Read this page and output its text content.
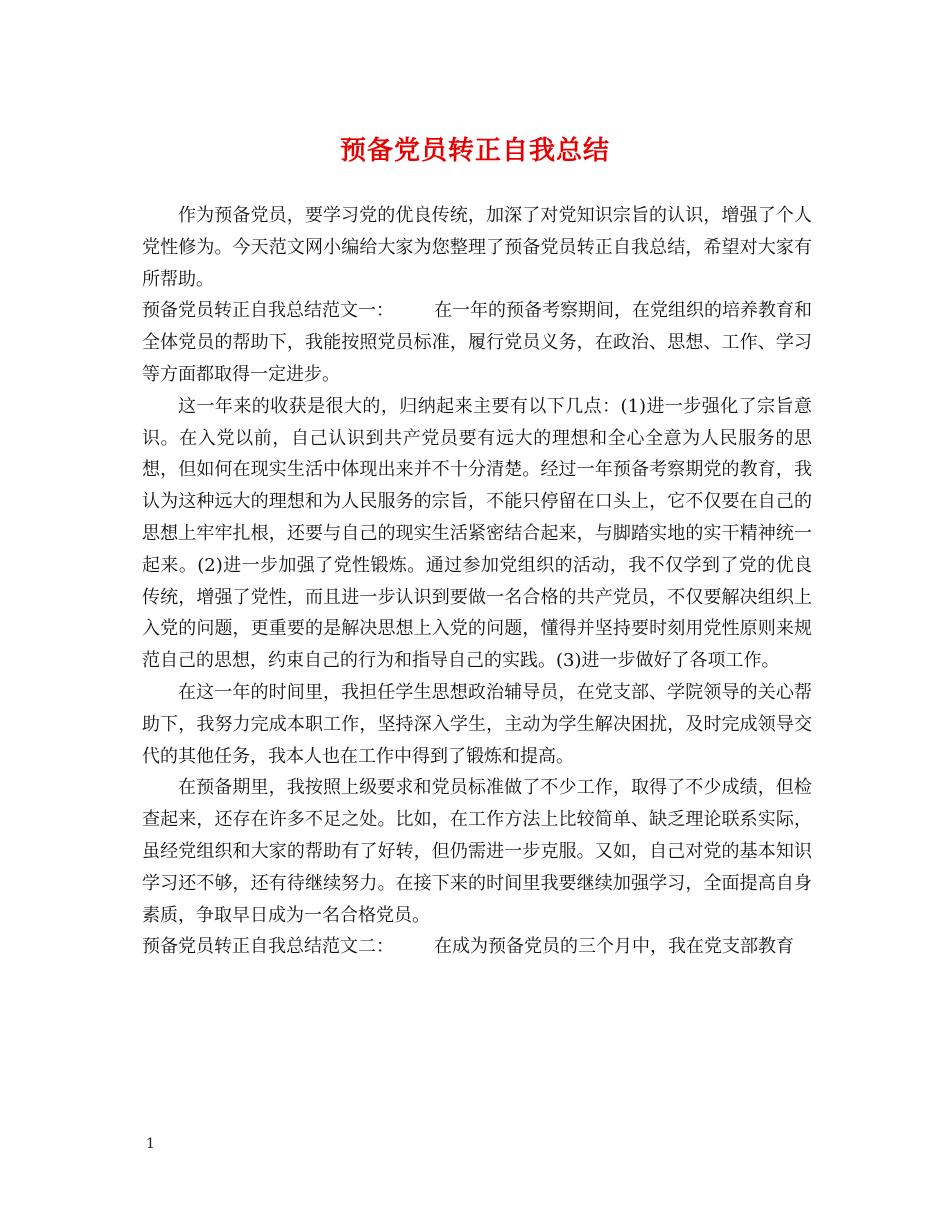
预备党员转正自我总结

作为预备党员，要学习党的优良传统，加深了对党知识宗旨的认识，增强了个人党性修为。今天范文网小编给大家为您整理了预备党员转正自我总结，希望对大家有所帮助。

预备党员转正自我总结范文一： 在一年的预备考察期间，在党组织的培养教育和全体党员的帮助下，我能按照党员标准，履行党员义务，在政治、思想、工作、学习等方面都取得一定进步。

这一年来的收获是很大的，归纳起来主要有以下几点：(1)进一步强化了宗旨意识。在入党以前，自己认识到共产党员要有远大的理想和全心全意为人民服务的思想，但如何在现实生活中体现出来并不十分清楚。经过一年预备考察期党的教育，我认为这种远大的理想和为人民服务的宗旨，不能只停留在口头上，它不仅要在自己的思想上牢牢扎根，还要与自己的现实生活紧密结合起来，与脚踏实地的实干精神统一起来。(2)进一步加强了党性锻炼。通过参加党组织的活动，我不仅学到了党的优良传统，增强了党性，而且进一步认识到要做一名合格的共产党员，不仅要解决组织上入党的问题，更重要的是解决思想上入党的问题，懂得并坚持要时刻用党性原则来规范自己的思想，约束自己的行为和指导自己的实践。(3)进一步做好了各项工作。

在这一年的时间里，我担任学生思想政治辅导员，在党支部、学院领导的关心帮助下，我努力完成本职工作，坚持深入学生，主动为学生解决困扰，及时完成领导交代的其他任务，我本人也在工作中得到了锻炼和提高。

在预备期里，我按照上级要求和党员标准做了不少工作，取得了不少成绩，但检查起来，还存在许多不足之处。比如，在工作方法上比较简单、缺乏理论联系实际，虽经党组织和大家的帮助有了好转，但仍需进一步克服。又如，自己对党的基本知识学习还不够，还有待继续努力。在接下来的时间里我要继续加强学习，全面提高自身素质，争取早日成为一名合格党员。

预备党员转正自我总结范文二： 在成为预备党员的三个月中，我在党支部教育

1
